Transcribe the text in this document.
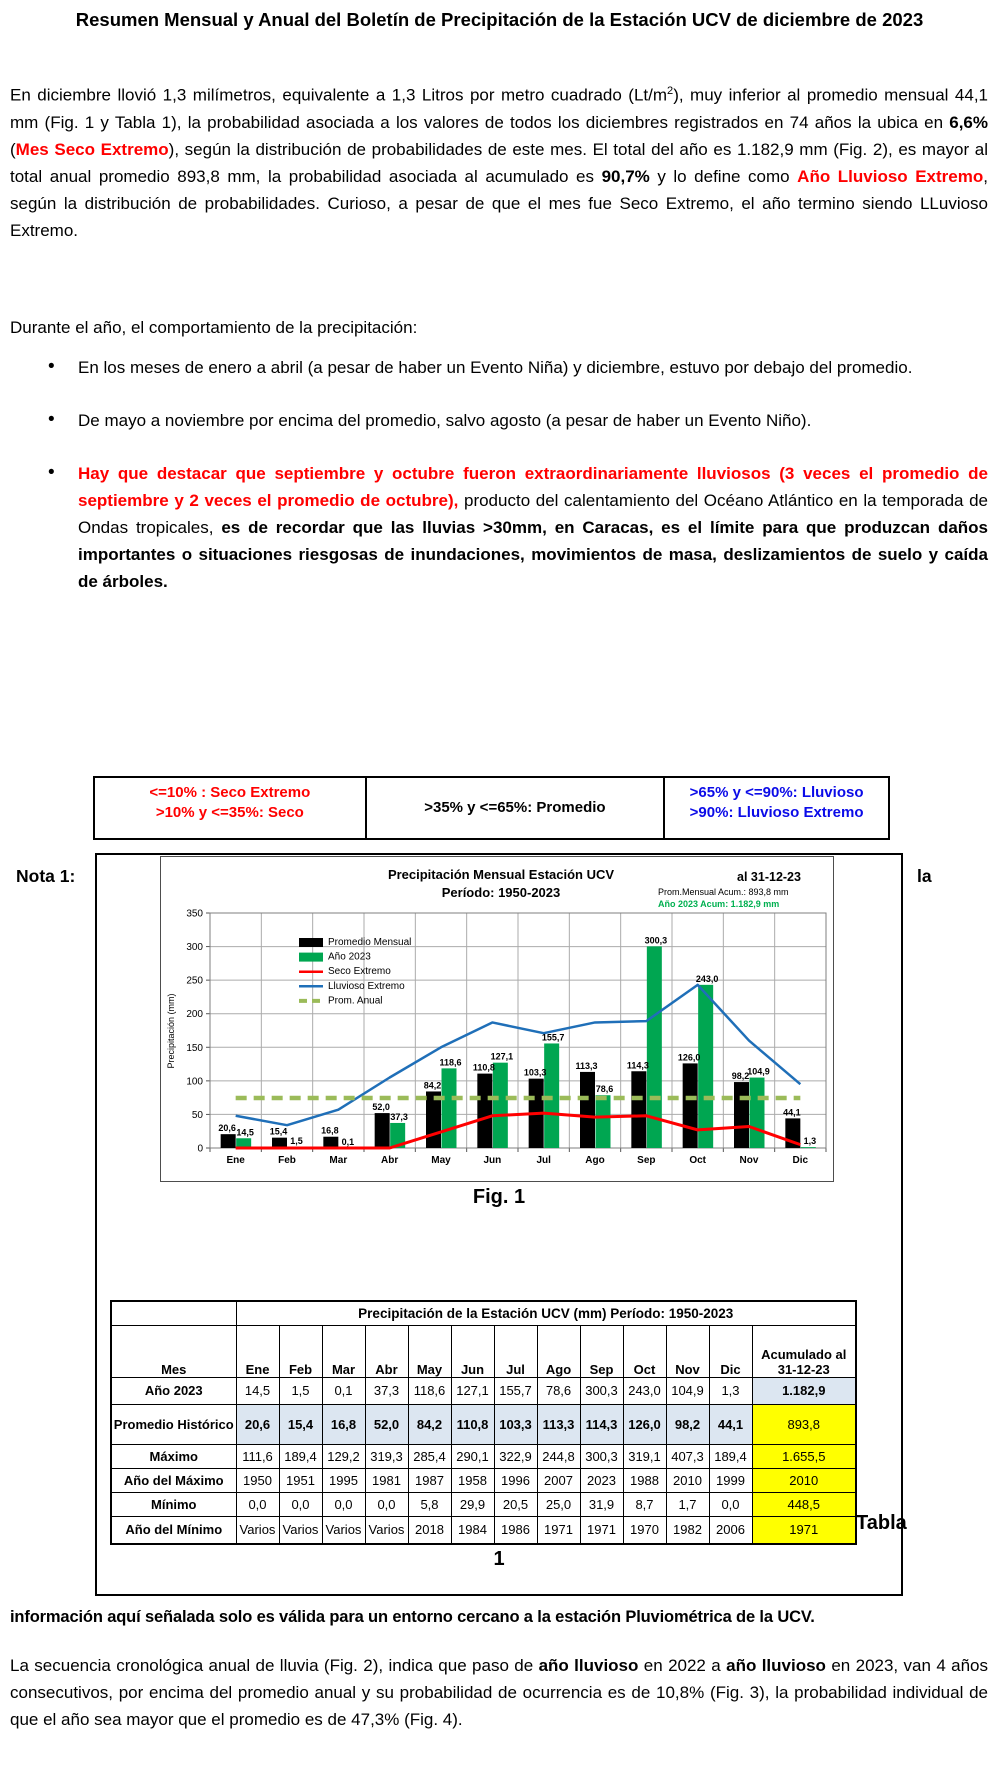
Resumen Mensual y Anual del Boletín de Precipitación de la Estación UCV de diciembre de 2023
En diciembre llovió 1,3 milímetros, equivalente a 1,3 Litros por metro cuadrado $(Lt/m^2)$, muy inferior al promedio mensual 44,1 mm (Fig. 1 y Tabla 1), la probabilidad asociada a los valores de todos los diciembres registrados en 74 años la ubica en 6,6% (Mes Seco Extremo), según la distribución de probabilidades de este mes. El total del año es 1.182,9 mm (Fig. 2), es mayor al total anual promedio 893,8 mm, la probabilidad asociada al acumulado es 90,7% y lo define como Año Lluvioso Extremo, según la distribución de probabilidades. Curioso, a pesar de que el mes fue Seco Extremo, el año termino siendo LLuvioso Extremo.
Durante el año, el comportamiento de la precipitación:
• En los meses de enero a abril (a pesar de haber un Evento Niña) y diciembre, estuvo por debajo del promedio.
• De mayo a noviembre por encima del promedio, salvo agosto (a pesar de haber un Evento Niño).
• Hay que destacar que septiembre y octubre fueron extraordinariamente lluviosos (3 veces el promedio de septiembre y 2 veces el promedio de octubre), producto del calentamiento del Océano Atlántico en la temporada de Ondas tropicales, es de recordar que las lluvias >30mm, en Caracas, es el límite para que produzcan daños importantes o situaciones riesgosas de inundaciones, movimientos de masa, deslizamientos de suelo y caída de árboles.
<=10% : Seco Extremo
>10% y <=35%: Seco	>35% y <=65%: Promedio
>65% y <=90%: Lluvioso
>90%: Lluvioso Extremo
Nota 1:	la
0
50
100
150
200
250
300
350
Precipitación Mensual Estación UCV
Período: 1950-2023
al 31-12-23
Prom.Mensual Acum.: 893,8 mm
Año 2023 Acum: 1.182,9 mm
Precipitación (mm)
20,6 14,5
Ene
15,4
1,5
Feb
16,8
0,1
Mar
52,0
37,3
Abr
84,2
118,6
May
110,8
127,1
Jun
103,3
155,7
Jul
113,3
78,6
Ago
114,3
300,3
Sep
126,0
243,0
Oct
98,2
104,9
Nov
44,1
1,3
Dic
Promedio Mensual
Año 2023
Seco Extremo
Lluvioso Extremo
Prom. Anual
Fig. 1
	Precipitación de la Estación UCV (mm) Período: 1950-2023												
Mes	Ene	Feb	Mar	Abr	May	Jun	Jul	Ago	Sep	Oct	Nov	Dic	Acumulado al 31-12-23
Año 2023	14,5	1,5	0,1	37,3	118,6	127,1	155,7	78,6	300,3	243,0	104,9	1,3	1.182,9
Promedio Histórico	20,6	15,4	16,8	52,0	84,2	110,8	103,3	113,3	114,3	126,0	98,2	44,1	893,8
Máximo	111,6	189,4	129,2	319,3	285,4	290,1	322,9	244,8	300,3	319,1	407,3	189,4	1.655,5
Año del Máximo	1950	1951	1995	1981	1987	1958	1996	2007	2023	1988	2010	1999	2010
Mínimo	0,0	0,0	0,0	0,0	5,8	29,9	20,5	25,0	31,9	8,7	1,7	0,0	448,5
Año del Mínimo	Varios	Varios	Varios	Varios	2018	1984	1986	1971	1971	1970	1982	2006	1971 Tabla
1
información aquí señalada solo es válida para un entorno cercano a la estación Pluviométrica de la UCV.
La secuencia cronológica anual de lluvia (Fig. 2), indica que paso de año lluvioso en 2022 a año lluvioso en 2023, van 4 años consecutivos, por encima del promedio anual y su probabilidad de ocurrencia es de 10,8% (Fig. 3), la probabilidad individual de que el año sea mayor que el promedio es de 47,3% (Fig. 4).
